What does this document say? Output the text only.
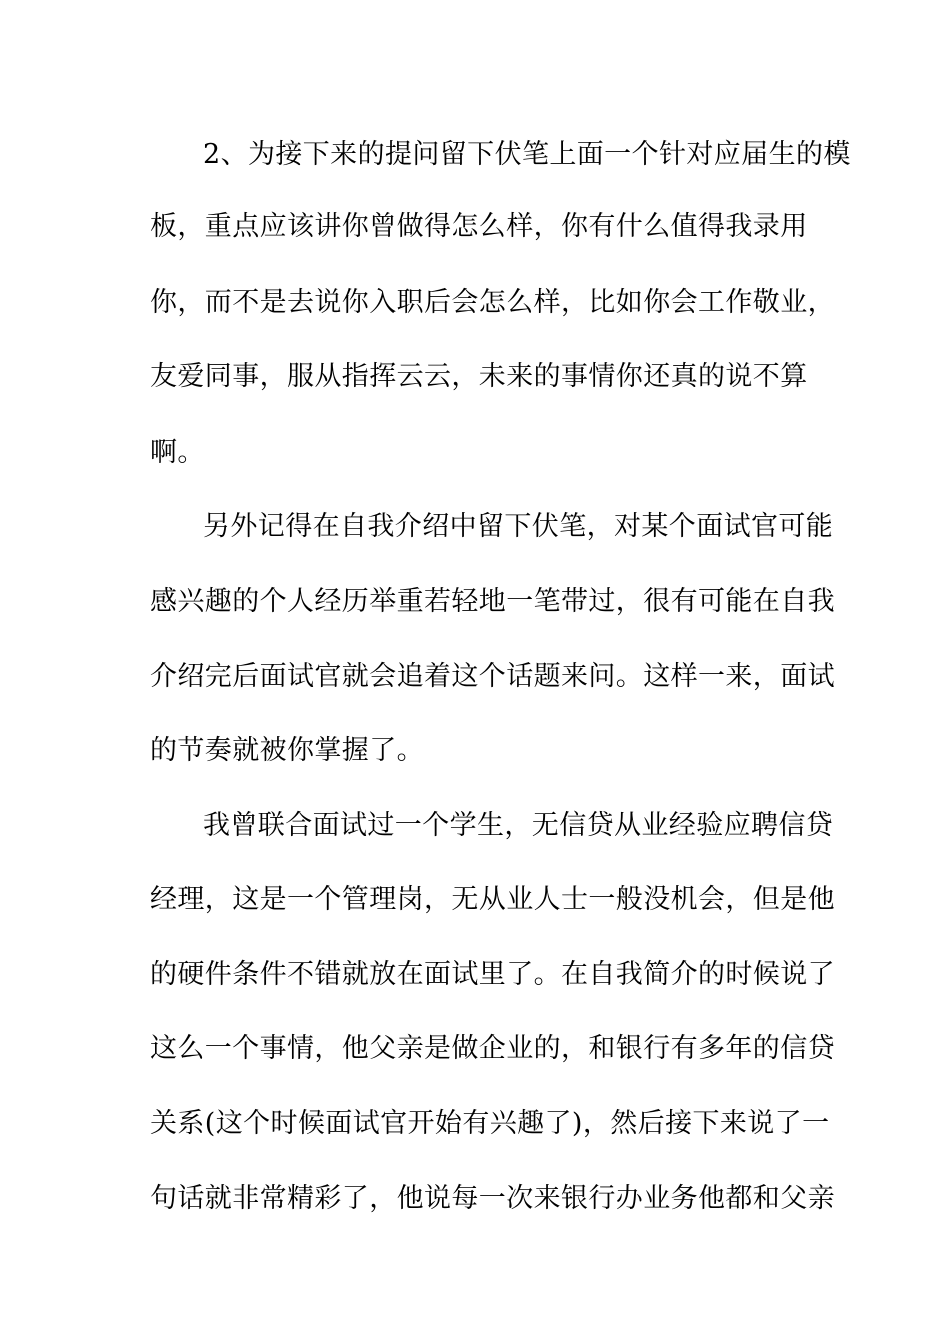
2、为接下来的提问留下伏笔上面一个针对应届生的模
板，重点应该讲你曾做得怎么样，你有什么值得我录用
你，而不是去说你入职后会怎么样，比如你会工作敬业，
友爱同事，服从指挥云云，未来的事情你还真的说不算
啊。
另外记得在自我介绍中留下伏笔，对某个面试官可能
感兴趣的个人经历举重若轻地一笔带过，很有可能在自我
介绍完后面试官就会追着这个话题来问。这样一来，面试
的节奏就被你掌握了。
我曾联合面试过一个学生，无信贷从业经验应聘信贷
经理，这是一个管理岗，无从业人士一般没机会，但是他
的硬件条件不错就放在面试里了。在自我简介的时候说了
这么一个事情，他父亲是做企业的，和银行有多年的信贷
关系(这个时候面试官开始有兴趣了)，然后接下来说了一
句话就非常精彩了，他说每一次来银行办业务他都和父亲
